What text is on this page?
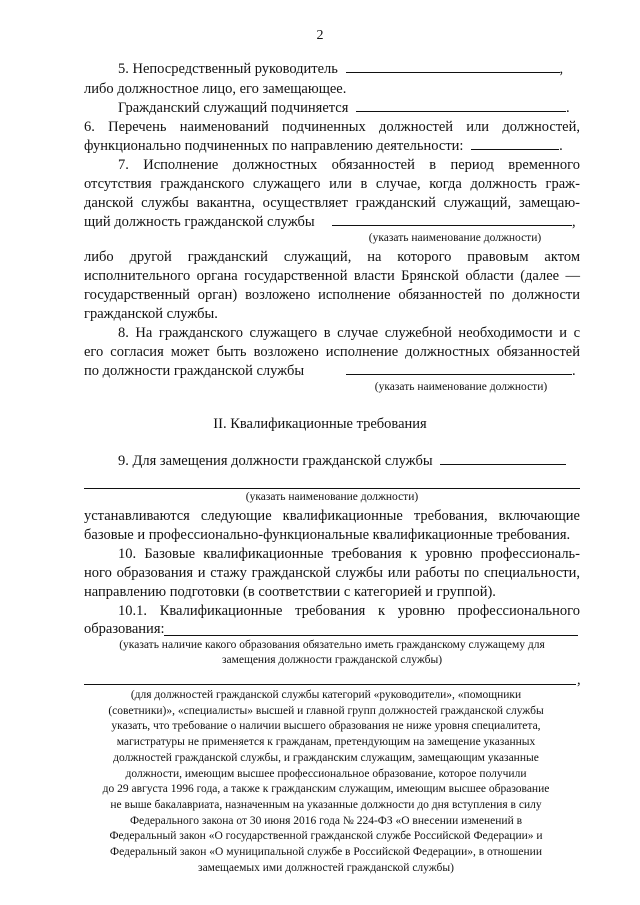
2
5. Непосредственный руководитель	,
либо должностное лицо, его замещающее.
Гражданский служащий подчиняется	.
6. Перечень наименований подчиненных должностей или должностей,
функционально подчиненных по направлению деятельности:	.
7. Исполнение должностных обязанностей в период временного
отсутствия гражданского служащего или в случае, когда должность граж-
данской службы вакантна, осуществляет гражданский служащий, замещаю-
щий должность гражданской службы	,
(указать наименование должности)
либо другой гражданский служащий, на которого правовым актом
исполнительного органа государственной власти Брянской области (далее —
государственный орган) возложено исполнение обязанностей по должности
гражданской службы.
8. На гражданского служащего в случае служебной необходимости и с
его согласия может быть возложено исполнение должностных обязанностей
по должности гражданской службы	.
(указать наименование должности)
II. Квалификационные требования
9. Для замещения должности гражданской службы
(указать наименование должности)
устанавливаются следующие квалификационные требования, включающие
базовые и профессионально-функциональные квалификационные требования.
10. Базовые квалификационные требования к уровню профессиональ-
ного образования и стажу гражданской службы или работы по специальности,
направлению подготовки (в соответствии с категорией и группой).
10.1. Квалификационные требования к уровню профессионального
образования:
(указать наличие какого образования обязательно иметь гражданскому служащему для
замещения должности гражданской службы)
,
(для должностей гражданской службы категорий «руководители», «помощники
(советники)», «специалисты» высшей и главной групп должностей гражданской службы
указать, что требование о наличии высшего образования не ниже уровня специалитета,
магистратуры не применяется к гражданам, претендующим на замещение указанных
должностей гражданской службы, и гражданским служащим, замещающим указанные
должности, имеющим высшее профессиональное образование, которое получили
до 29 августа 1996 года, а также к гражданским служащим, имеющим высшее образование
не выше бакалавриата, назначенным на указанные должности до дня вступления в силу
Федерального закона от 30 июня 2016 года № 224-ФЗ «О внесении изменений в
Федеральный закон «О государственной гражданской службе Российской Федерации» и
Федеральный закон «О муниципальной службе в Российской Федерации», в отношении
замещаемых ими должностей гражданской службы)
